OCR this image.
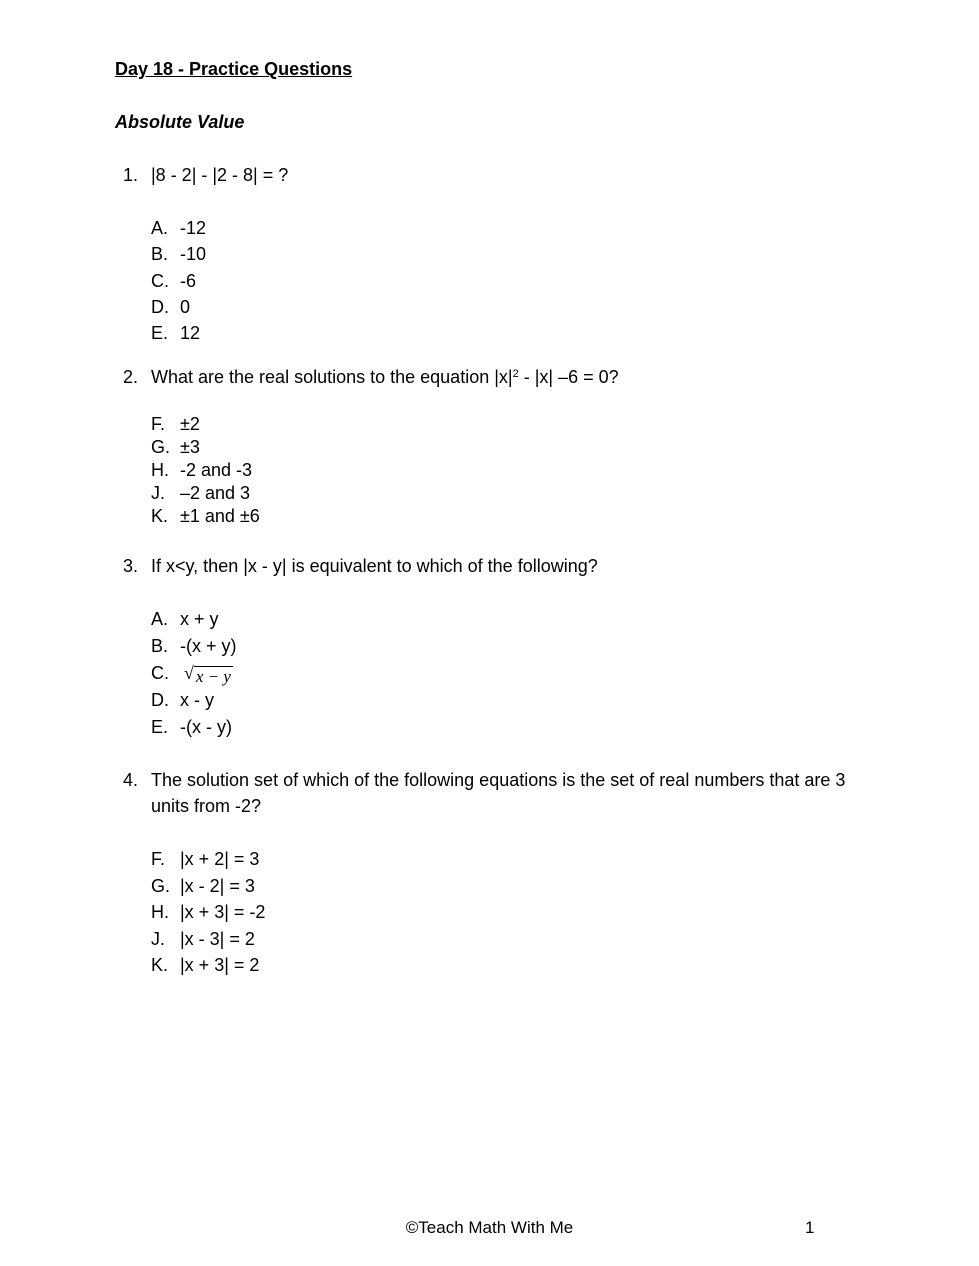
Day 18 - Practice Questions
Absolute Value
1. |8 - 2| - |2 - 8| = ?
A. -12
B. -10
C. -6
D. 0
E. 12
2. What are the real solutions to the equation $|x|^2 - |x|$ –6 = 0?
F. ±2
G. ±3
H. -2 and -3
J. –2 and 3
K. ±1 and ±6
3. If x<y, then |x - y| is equivalent to which of the following?
A. x + y
B. -(x + y)
C. √ x − y
D. x - y
E. -(x - y)
4. The solution set of which of the following equations is the set of real numbers that are 3 units from -2?
F. |x + 2| = 3
G. |x - 2| = 3
H. |x + 3| = -2
J. |x - 3| = 2
K. |x + 3| = 2
©Teach Math With Me	1
